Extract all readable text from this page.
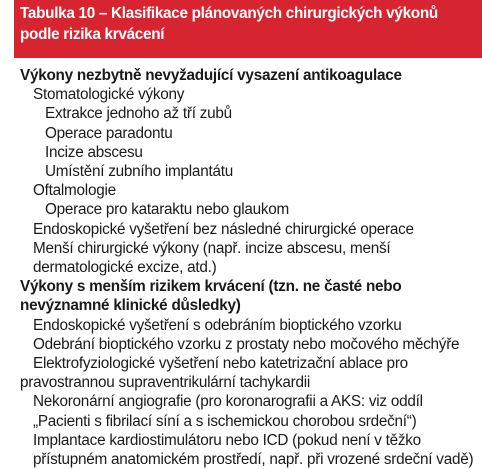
Tabulka 10 – Klasifikace plánovaných chirurgických výkonů
podle rizika krvácení
Výkony nezbytně nevyžadující vysazení antikoagulace
Stomatologické výkony
Extrakce jednoho až tří zubů
Operace paradontu
Incize abscesu
Umístění zubního implantátu
Oftalmologie
Operace pro kataraktu nebo glaukom
Endoskopické vyšetření bez následné chirurgické operace
Menší chirurgické výkony (např. incize abscesu, menší
dermatologické excize, atd.)
Výkony s menším rizikem krvácení (tzn. ne časté nebo
nevýznamné klinické důsledky)
Endoskopické vyšetření s odebráním bioptického vzorku
Odebrání bioptického vzorku z prostaty nebo močového měchýře
Elektrofyziologické vyšetření nebo katetrizační ablace pro
pravostrannou supraventrikulární tachykardii
Nekoronární angiografie (pro koronarografii a AKS: viz oddíl
„Pacienti s fibrilací síní a s ischemickou chorobou srdeční“)
Implantace kardiostimulátoru nebo ICD (pokud není v těžko
přístupném anatomickém prostředí, např. při vrozené srdeční vadě)
